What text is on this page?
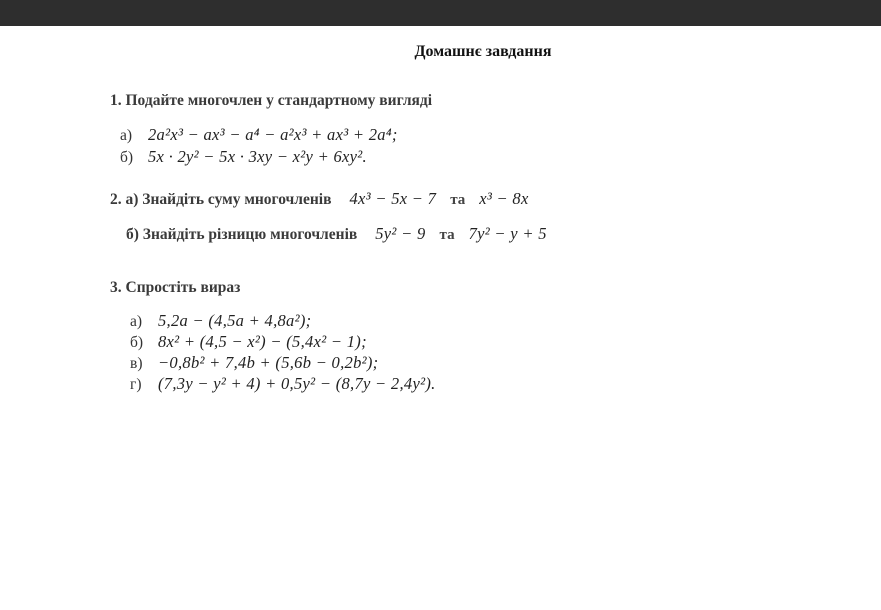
Домашнє завдання
1. Подайте многочлен у стандартному вигляді
а) 2a²x³ − ax³ − a⁴ − a²x³ + ax³ + 2a⁴;
б) 5x · 2y² − 5x · 3xy − x²y + 6xy².
2. а) Знайдіть суму многочленів 4x³ − 5x − 7 та x³ − 8x
б) Знайдіть різницю многочленів 5y² − 9 та 7y² − y + 5
3. Спростіть вираз
а) 5,2a − (4,5a + 4,8a²);
б) 8x² + (4,5 − x²) − (5,4x² − 1);
в) −0,8b² + 7,4b + (5,6b − 0,2b²);
г) (7,3y − y² + 4) + 0,5y² − (8,7y − 2,4y²).
